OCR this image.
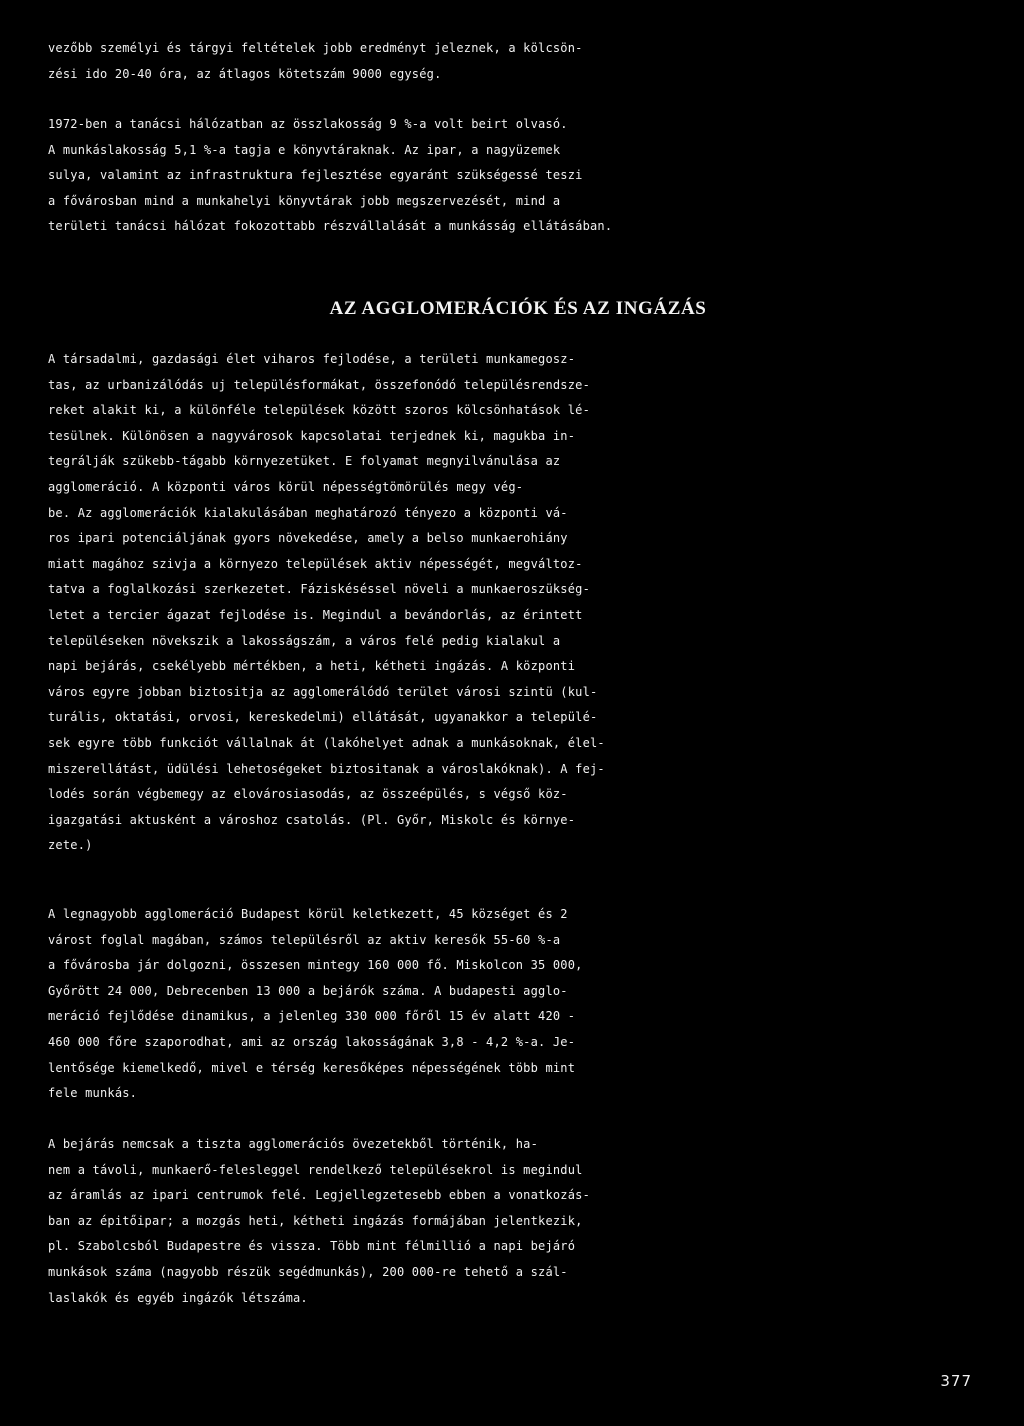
vezőbb személyi és tárgyi feltételek jobb eredményt jeleznek, a kölcsön-
zési ido 20-40 óra, az átlagos kötetszám 9000 egység.

1972-ben a tanácsi hálózatban az összlakosság 9 %-a volt beirt olvasó.
A munkáslakosság 5,1 %-a tagja e könyvtáraknak. Az ipar, a nagyüzemek
sulya, valamint az infrastruktura fejlesztése egyaránt szükségessé teszi
a fővárosban mind a munkahelyi könyvtárak jobb megszervezését, mind a
területi tanácsi hálózat fokozottabb részvállalását a munkásság ellátásában.

AZ AGGLOMERÁCIÓK ÉS AZ INGÁZÁS

A társadalmi, gazdasági élet viharos fejlodése, a területi munkamegosz-
tas, az urbanizálódás uj településformákat, összefonódó településrendsze-
reket alakit ki, a különféle települések között szoros kölcsönhatások lé-
tesülnek. Különösen a nagyvárosok kapcsolatai terjednek ki, magukba in-
tegrálják szükebb-tágabb környezetüket. E folyamat megnyilvánulása az
agglomeráció. A központi város körül népességtömörülés megy vég-
be. Az agglomerációk kialakulásában meghatározó tényezo a központi vá-
ros ipari potenciáljának gyors növekedése, amely a belso munkaerohiány
miatt magához szivja a környezo települések aktiv népességét, megváltoz-
tatva a foglalkozási szerkezetet. Fáziskéséssel növeli a munkaeroszükség-
letet a tercier ágazat fejlodése is. Megindul a bevándorlás, az érintett
településeken növekszik a lakosságszám, a város felé pedig kialakul a
napi bejárás, csekélyebb mértékben, a heti, kétheti ingázás. A központi
város egyre jobban biztositja az agglomerálódó terület városi szintü (kul-
turális, oktatási, orvosi, kereskedelmi) ellátását, ugyanakkor a települé-
sek egyre több funkciót vállalnak át (lakóhelyet adnak a munkásoknak, élel-
miszerellátást, üdülési lehetoségeket biztositanak a városlakóknak). A fej-
lodés során végbemegy az elovárosiasodás, az összeépülés, s végső köz-
igazgatási aktusként a városhoz csatolás. (Pl. Győr, Miskolc és környe-
zete.)

A legnagyobb agglomeráció Budapest körül keletkezett, 45 községet és 2
várost foglal magában, számos településről az aktiv keresők 55-60 %-a
a fővárosba jár dolgozni, összesen mintegy 160 000 fő. Miskolcon 35 000,
Győrött 24 000, Debrecenben 13 000 a bejárók száma. A budapesti agglo-
meráció fejlődése dinamikus, a jelenleg 330 000 főről 15 év alatt 420 -
460 000 főre szaporodhat, ami az ország lakosságának 3,8 - 4,2 %-a. Je-
lentősége kiemelkedő, mivel e térség keresőképes népességének több mint
fele munkás.

A bejárás nemcsak a tiszta agglomerációs övezetekből történik, ha-
nem a távoli, munkaerő-felesleggel rendelkező településekrol is megindul
az áramlás az ipari centrumok felé. Legjellegzetesebb ebben a vonatkozás-
ban az épitőipar; a mozgás heti, kétheti ingázás formájában jelentkezik,
pl. Szabolcsból Budapestre és vissza. Több mint félmillió a napi bejáró
munkások száma (nagyobb részük segédmunkás), 200 000-re tehető a szál-
laslakók és egyéb ingázók létszáma.

377
